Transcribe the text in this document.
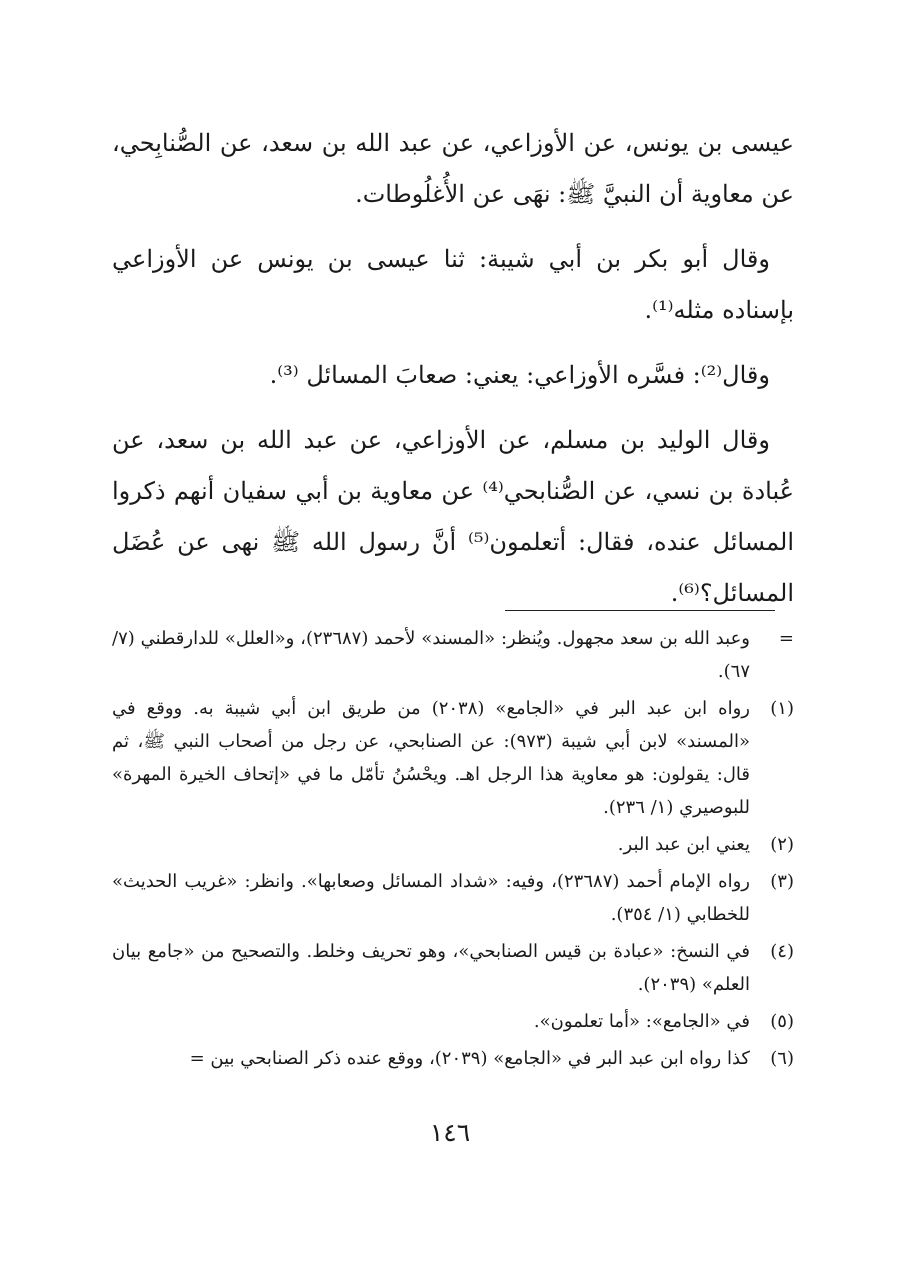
عيسى بن يونس، عن الأوزاعي، عن عبد الله بن سعد، عن الصُّنابِحي، عن معاوية أن النبيَّ ﷺ: نهَى عن الأُغلُوطات.

وقال أبو بكر بن أبي شيبة: ثنا عيسى بن يونس عن الأوزاعي بإسناده مثله⁽¹⁾.

وقال⁽²⁾: فسَّره الأوزاعي: يعني: صعابَ المسائل ⁽³⁾.

وقال الوليد بن مسلم، عن الأوزاعي، عن عبد الله بن سعد، عن عُبادة بن نسي، عن الصُّنابحي⁽⁴⁾ عن معاوية بن أبي سفيان أنهم ذكروا المسائل عنده، فقال: أتعلمون⁽⁵⁾ أنَّ رسول الله ﷺ نهى عن عُضَل المسائل؟⁽⁶⁾.

=
وعبد الله بن سعد مجهول. ويُنظر: «المسند» لأحمد (٢٣٦٨٧)، و«العلل» للدارقطني (٧/ ٦٧).
(١)
رواه ابن عبد البر في «الجامع» (٢٠٣٨) من طريق ابن أبي شيبة به. ووقع في «المسند» لابن أبي شيبة (٩٧٣): عن الصنابحي، عن رجل من أصحاب النبي ﷺ، ثم قال: يقولون: هو معاوية هذا الرجل اهـ. ويحْسُنُ تأمّل ما في «إتحاف الخيرة المهرة» للبوصيري (١/ ٢٣٦).
(٢)
يعني ابن عبد البر.
(٣)
رواه الإمام أحمد (٢٣٦٨٧)، وفيه: «شداد المسائل وصعابها». وانظر: «غريب الحديث» للخطابي (١/ ٣٥٤).
(٤)
في النسخ: «عبادة بن قيس الصنابحي»، وهو تحريف وخلط. والتصحيح من «جامع بيان العلم» (٢٠٣٩).
(٥)
في «الجامع»: «أما تعلمون».
(٦)
كذا رواه ابن عبد البر في «الجامع» (٢٠٣٩)، ووقع عنده ذكر الصنابحي بين =
١٤٦
